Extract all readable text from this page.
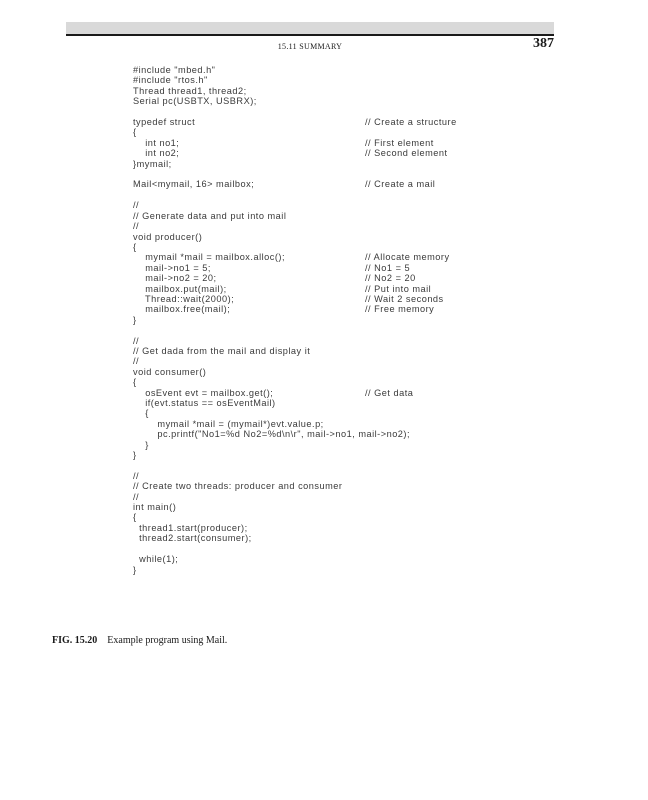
15.11 SUMMARY	387
#include "mbed.h"
#include "rtos.h"
Thread thread1, thread2;
Serial pc(USBTX, USBRX);
typedef struct	// Create a structure
{
int no1;	// First element
int no2;	// Second element
}mymail;
Mail<mymail, 16> mailbox;	// Create a mail
//
// Generate data and put into mail
//
void producer()
{
mymail *mail = mailbox.alloc();	// Allocate memory
mail->no1 = 5;	// No1 = 5
mail->no2 = 20;	// No2 = 20
mailbox.put(mail);	// Put into mail
Thread::wait(2000);	// Wait 2 seconds
mailbox.free(mail);	// Free memory
}
//
// Get dada from the mail and display it
//
void consumer()
{
osEvent evt = mailbox.get();	// Get data
if(evt.status == osEventMail)
{
mymail *mail = (mymail*)evt.value.p;
pc.printf("No1=%d No2=%d\n\r", mail->no1, mail->no2);
}
}
//
// Create two threads: producer and consumer
//
int main()
{
thread1.start(producer);
thread2.start(consumer);
while(1);
}
FIG. 15.20 Example program using Mail.
